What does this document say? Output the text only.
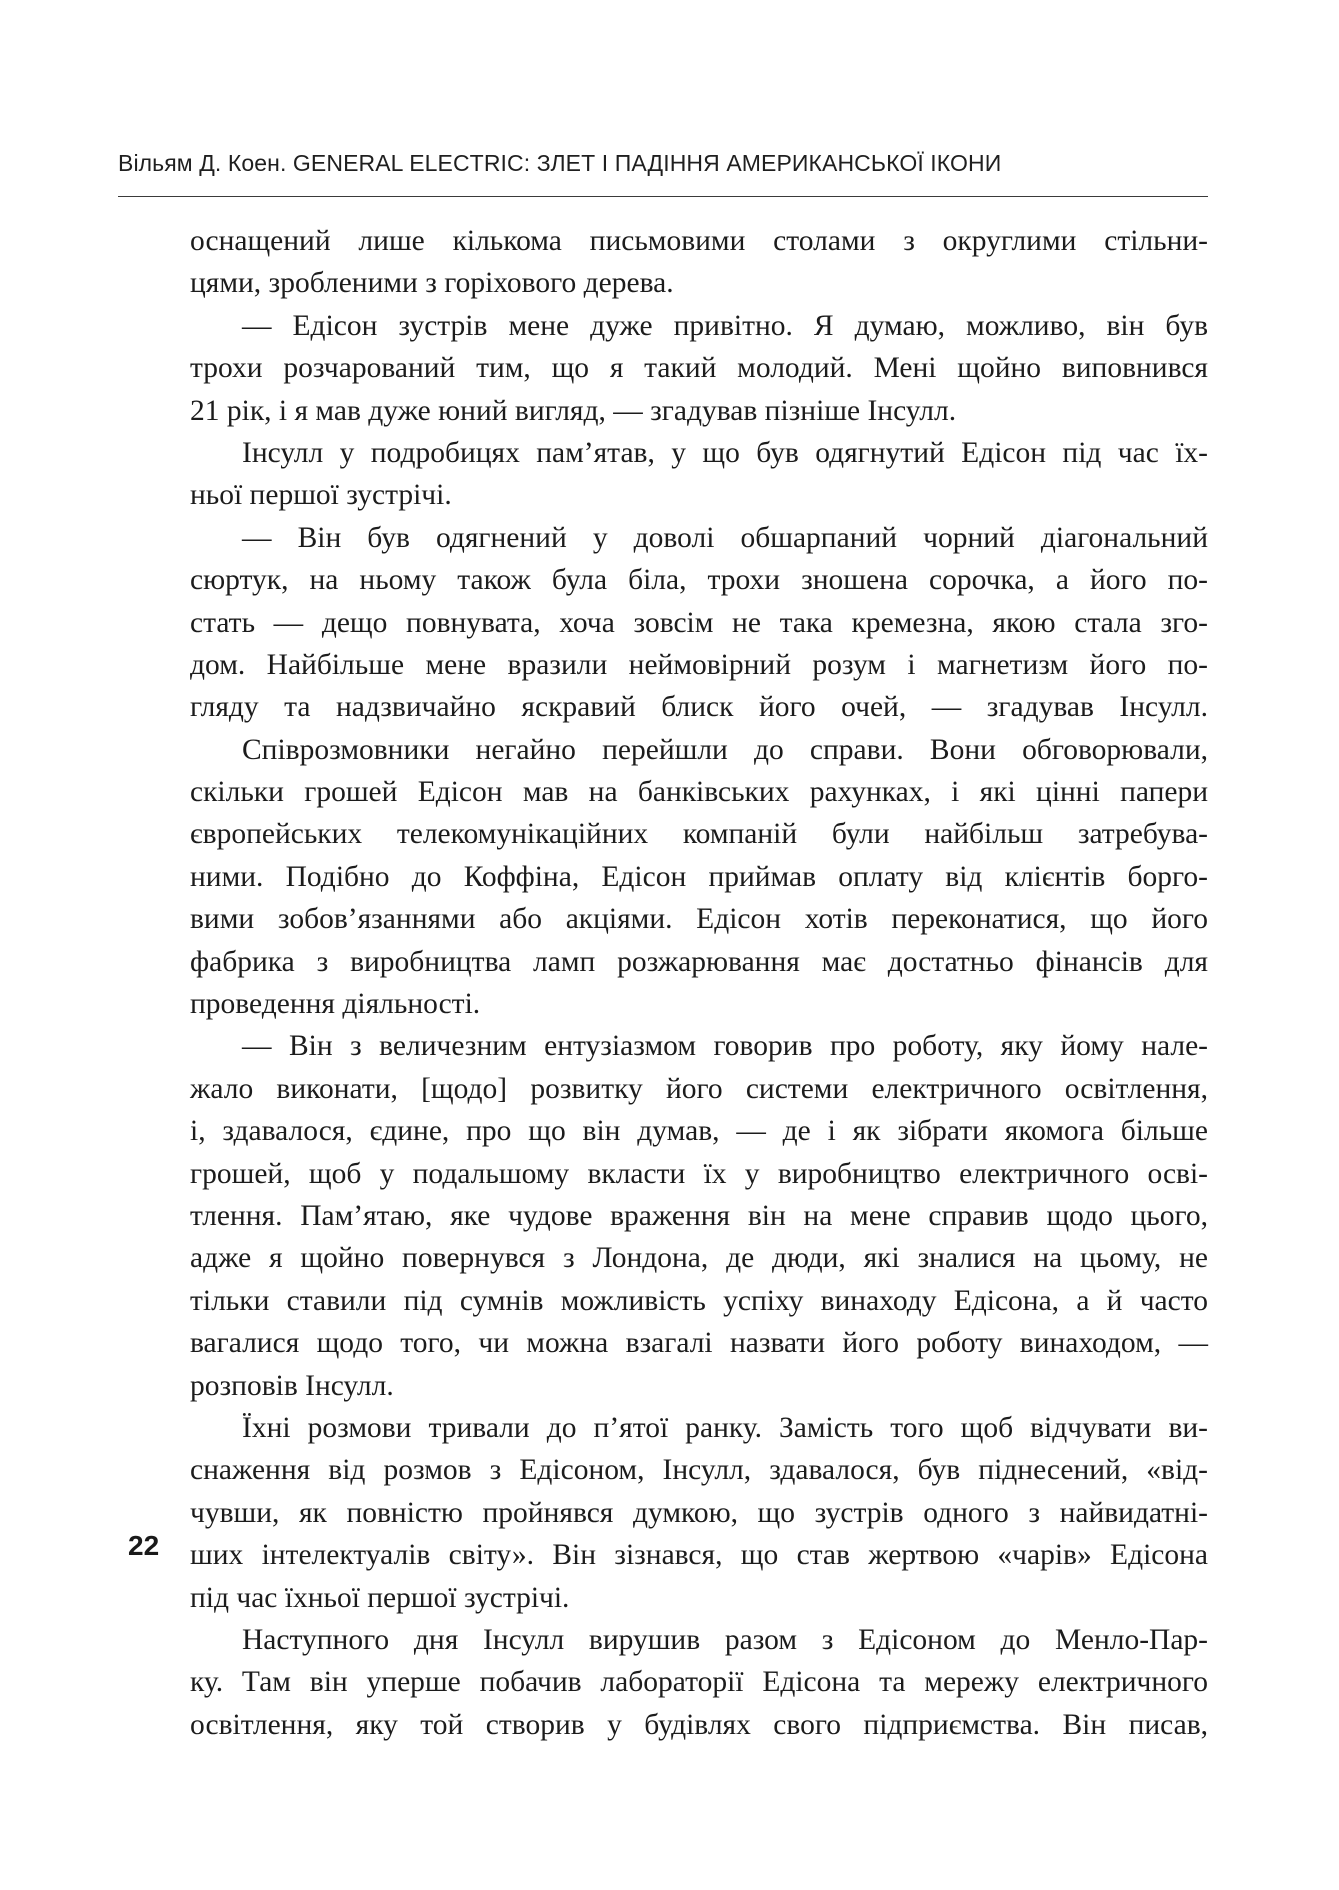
Вільям Д. Коен. GENERAL ELECTRIC: ЗЛЕТ І ПАДІННЯ АМЕРИКАНСЬКОЇ ІКОНИ
оснащений лише кількома письмовими столами з округлими стільни-
цями, зробленими з горіхового дерева.
— Едісон зустрів мене дуже привітно. Я думаю, можливо, він був
трохи розчарований тим, що я такий молодий. Мені щойно виповнився
21 рік, і я мав дуже юний вигляд, — згадував пізніше Інсулл.
Інсулл у подробицях пам’ятав, у що був одягнутий Едісон під час їх-
ньої першої зустрічі.
— Він був одягнений у доволі обшарпаний чорний діагональний
сюртук, на ньому також була біла, трохи зношена сорочка, а його по-
стать — дещо повнувата, хоча зовсім не така кремезна, якою стала зго-
дом. Найбільше мене вразили неймовірний розум і магнетизм його по-
гляду та надзвичайно яскравий блиск його очей, — згадував Інсулл.
Співрозмовники негайно перейшли до справи. Вони обговорювали,
скільки грошей Едісон мав на банківських рахунках, і які цінні папери
європейських телекомунікаційних компаній були найбільш затребува-
ними. Подібно до Коффіна, Едісон приймав оплату від клієнтів борго-
вими зобов’язаннями або акціями. Едісон хотів переконатися, що його
фабрика з виробництва ламп розжарювання має достатньо фінансів для
проведення діяльності.
— Він з величезним ентузіазмом говорив про роботу, яку йому нале-
жало виконати, [щодо] розвитку його системи електричного освітлення,
і, здавалося, єдине, про що він думав, — де і як зібрати якомога більше
грошей, щоб у подальшому вкласти їх у виробництво електричного осві-
тлення. Пам’ятаю, яке чудове враження він на мене справив щодо цього,
адже я щойно повернувся з Лондона, де дюди, які зналися на цьому, не
тільки ставили під сумнів можливість успіху винаходу Едісона, а й часто
вагалися щодо того, чи можна взагалі назвати його роботу винаходом, —
розповів Інсулл.
Їхні розмови тривали до п’ятої ранку. Замість того щоб відчувати ви-
снаження від розмов з Едісоном, Інсулл, здавалося, був піднесений, «від-
чувши, як повністю пройнявся думкою, що зустрів одного з найвидатні-
ших інтелектуалів світу». Він зізнався, що став жертвою «чарів» Едісона
під час їхньої першої зустрічі.
Наступного дня Інсулл вирушив разом з Едісоном до Менло-Пар-
ку. Там він уперше побачив лабораторії Едісона та мережу електричного
освітлення, яку той створив у будівлях свого підприємства. Він писав,
22
